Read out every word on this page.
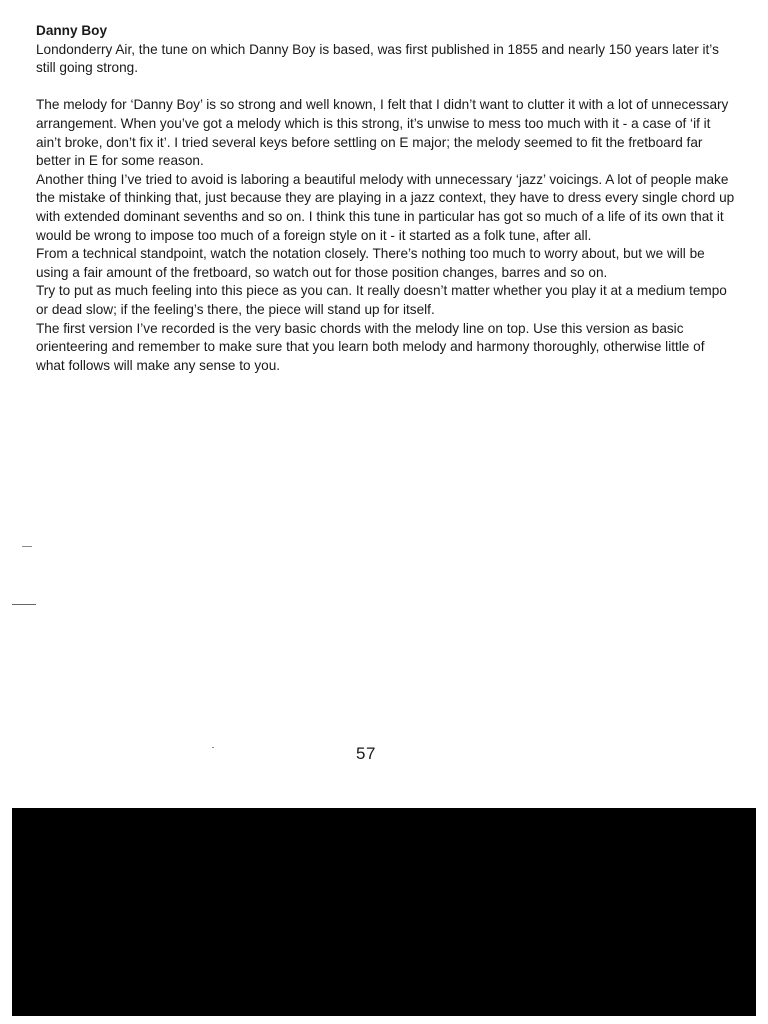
Danny Boy

Londonderry Air, the tune on which Danny Boy is based, was first published in 1855 and nearly 150 years later it’s still going strong.

The melody for ‘Danny Boy’ is so strong and well known, I felt that I didn’t want to clutter it with a lot of unnecessary arrangement. When you’ve got a melody which is this strong, it’s unwise to mess too much with it - a case of ‘if it ain’t broke, don’t fix it’. I tried several keys before settling on E major; the melody seemed to fit the fretboard far better in E for some reason.

Another thing I’ve tried to avoid is laboring a beautiful melody with unnecessary ‘jazz’ voicings. A lot of people make the mistake of thinking that, just because they are playing in a jazz context, they have to dress every single chord up with extended dominant sevenths and so on. I think this tune in particular has got so much of a life of its own that it would be wrong to impose too much of a foreign style on it - it started as a folk tune, after all.

From a technical standpoint, watch the notation closely. There’s nothing too much to worry about, but we will be using a fair amount of the fretboard, so watch out for those position changes, barres and so on.

Try to put as much feeling into this piece as you can. It really doesn’t matter whether you play it at a medium tempo or dead slow; if the feeling’s there, the piece will stand up for itself.

The first version I’ve recorded is the very basic chords with the melody line on top. Use this version as basic orienteering and remember to make sure that you learn both melody and harmony thoroughly, otherwise little of what follows will make any sense to you.

57
